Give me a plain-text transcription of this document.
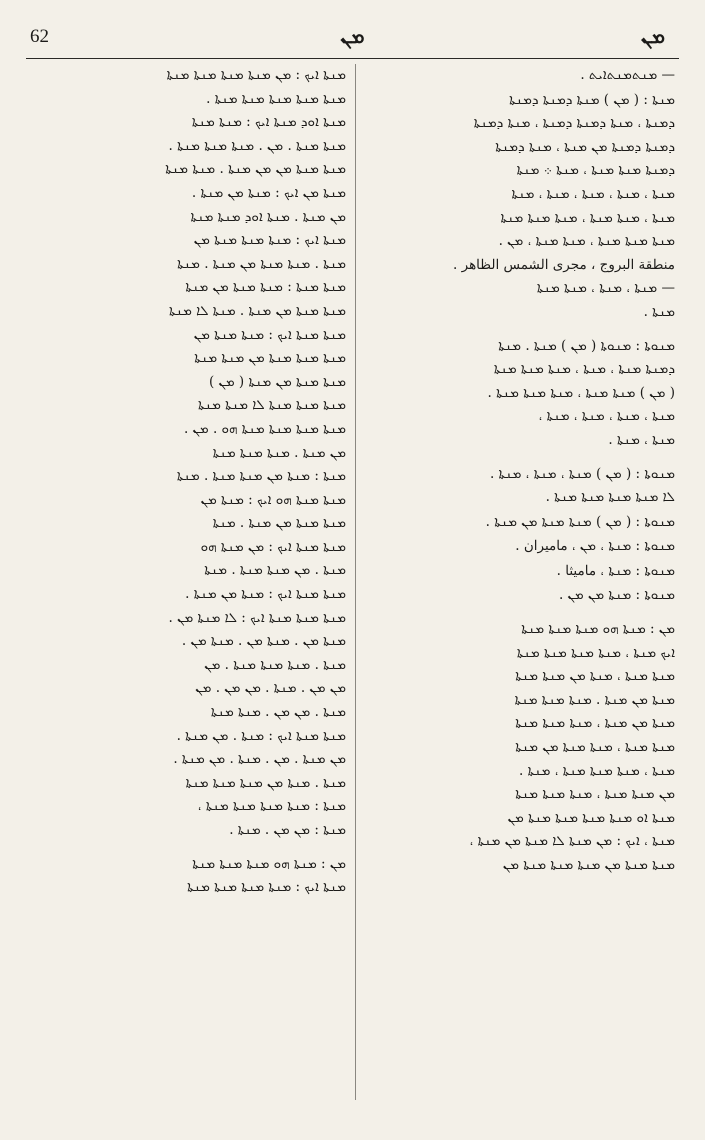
62	ܡܢ	ܡܢ
— ܡܢܬܡܢܬܐܝܬ .
ܡܢܬܐ : ( ܡܢ ) ܡܢܬܐ ܕܡܢܬܐ ܕܡܢܬܐ
ܕܡܢܬܐ ، ܡܢܬܐ ܕܡܢܬܐ ܕܡܢܬܐ ، ܡܢܬܐ ܕܡܢܬܐ
ܕܡܢܬܐ ܕܡܢܬܐ ܡܢ ܡܢܬܐ ، ܡܢܬܐ ܕܡܢܬܐ
ܕܡܢܬܐ ܡܢܬܐ ܡܢܬܐ ، ܡܢܬܐ ܀ ܡܢܬܐ
ܡܢܬܐ ، ܡܢܬܐ ، ܡܢܬܐ ، ܡܢܬܐ ، ܡܢܬܐ
ܡܢܬܐ ، ܡܢܬܐ ܡܢܬܐ ، ܡܢܬܐ ܡܢܬܐ ܡܢܬܐ
ܡܢܬܐ ܡܢܬܐ ܡܢܬܐ ، ܡܢܬܐ ܡܢܬܐ ، ܡܢ .
منطقة البروج ، مجرى الشمس الظاهر .
— ܡܢܬܐ ، ܡܢܬܐ ، ܡܢܬܐ ܡܢܬܐ
ܡܢܬܐ .
ܡܢܘܬܐ : ܡܢܘܬܐ ( ܡܢ ) ܡܢܬܐ . ܡܢܬܐ
ܕܡܢܬܐ ܡܢܬܐ ، ܡܢܬܐ ، ܡܢܬܐ ܡܢܬܐ ܡܢܬܐ
( ܡܢ ) ܡܢܬܐ ܡܢܬܐ ، ܡܢܬܐ ܡܢܬܐ ܡܢܬܐ .
ܡܢܬܐ ، ܡܢܬܐ ، ܡܢܬܐ ، ܡܢܬܐ ،
ܡܢܬܐ ، ܡܢܬܐ .
ܡܢܘܬܐ : ( ܡܢ ) ܡܢܬܐ ، ܡܢܬܐ ، ܡܢܬܐ .
ܠܐ ܡܢܬܐ ܡܢܬܐ ܡܢܬܐ ܡܢܬܐ .
ܡܢܘܬܐ : ( ܡܢ ) ܡܢܬܐ ܡܢܬܐ ܡܢ ܡܢܬܐ .
ܡܢܘܬܐ : ܡܢܬܐ ، ܡܢ ، ماميران .
ܡܢܘܬܐ : ܡܢܬܐ ، ماميثا .
ܡܢܘܬܐ : ܡܢܬܐ ܡܢ ܡܢ .
ܡܢ : ܡܢܬܐ ܗܘ ܡܢܬܐ ܡܢܬܐ ܡܢܬܐ
ܐܝܟ ܡܢܬܐ ، ܡܢܬܐ ܡܢܬܐ ܡܢܬܐ ܡܢܬܐ
ܡܢܬܐ ܡܢܬܐ ، ܡܢܬܐ ܡܢ ܡܢܬܐ ܡܢܬܐ
ܡܢܬܐ ܡܢ ܡܢܬܐ . ܡܢܬܐ ܡܢܬܐ ܡܢܬܐ
ܡܢܬܐ ܡܢ ܡܢܬܐ ، ܡܢܬܐ ܡܢܬܐ ܡܢܬܐ
ܡܢܬܐ ܡܢܬܐ ، ܡܢܬܐ ܡܢܬܐ ܡܢ ܡܢܬܐ
ܡܢܬܐ ، ܡܢܬܐ ܡܢܬܐ ܡܢܬܐ ، ܡܢܬܐ .
ܡܢ ܡܢܬܐ ܡܢܬܐ ، ܡܢܬܐ ܡܢܬܐ ܡܢܬܐ
ܡܢܬܐ ܐܘ ܡܢܬܐ ܡܢܬܐ ܡܢܬܐ ܡܢܬܐ ܡܢ
ܡܢܬܐ ، ܐܝܟ : ܡܢ ܡܢܬܐ ܠܐ ܡܢܬܐ ܡܢ ܡܢܬܐ ،
ܡܢܬܐ ܡܢܬܐ ܡܢ ܡܢܬܐ ܡܢܬܐ ܡܢܬܐ ܡܢ
ܡܢܬܐ ܐܝܟ : ܡܢ ܡܢܬܐ ܡܢܬܐ ܡܢܬܐ ܡܢܬܐ
ܡܢܬܐ ܡܢܬܐ ܡܢܬܐ ܡܢܬܐ ܡܢܬܐ .
ܡܢܬܐ ܐܘܕ ܡܢܬܐ ܐܝܟ : ܡܢܬܐ ܡܢܬܐ
ܡܢܬܐ ܡܢܬܐ . ܡܢ . ܡܢܬܐ ܡܢܬܐ ܡܢܬܐ .
ܡܢܬܐ ܡܢܬܐ ܡܢ ܡܢ ܡܢܬܐ . ܡܢܬܐ ܡܢܬܐ
ܡܢܬܐ ܡܢ ܐܝܟ : ܡܢܬܐ ܡܢ ܡܢܬܐ .
ܡܢ ܡܢܬܐ . ܡܢܬܐ ܐܘܕ ܡܢܬܐ ܡܢܬܐ
ܡܢܬܐ ܐܝܟ : ܡܢܬܐ ܡܢܬܐ ܡܢܬܐ ܡܢ
ܡܢܬܐ . ܡܢܬܐ ܡܢܬܐ ܡܢ ܡܢܬܐ . ܡܢܬܐ
ܡܢܬܐ ܡܢܬܐ : ܡܢܬܐ ܡܢܬܐ ܡܢ ܡܢܬܐ
ܡܢܬܐ ܡܢܬܐ ܡܢ ܡܢܬܐ . ܡܢܬܐ ܠܐ ܡܢܬܐ
ܡܢܬܐ ܡܢܬܐ ܐܝܟ : ܡܢܬܐ ܡܢܬܐ ܡܢ
ܡܢܬܐ ܡܢܬܐ ܡܢܬܐ ܡܢ ܡܢܬܐ ܡܢܬܐ
ܡܢܬܐ ܡܢܬܐ ܡܢ ܡܢܬܐ ( ܡܢ )
ܡܢܬܐ ܡܢܬܐ ܡܢܬܐ ܠܐ ܡܢܬܐ ܡܢܬܐ
ܡܢܬܐ ܡܢܬܐ ܡܢܬܐ ܡܢܬܐ ܗܘ . ܡܢ .
ܡܢ ܡܢܬܐ . ܡܢܬܐ ܡܢܬܐ ܡܢܬܐ
ܡܢܬܐ : ܡܢܬܐ ܡܢ ܡܢܬܐ ܡܢܬܐ . ܡܢܬܐ
ܡܢܬܐ ܡܢܬܐ ܗܘ ܐܝܟ : ܡܢܬܐ ܡܢ
ܡܢܬܐ ܡܢܬܐ ܡܢ ܡܢܬܐ . ܡܢܬܐ
ܡܢܬܐ ܡܢܬܐ ܐܝܟ : ܡܢ ܡܢܬܐ ܗܘ
ܡܢܬܐ . ܡܢ ܡܢܬܐ ܡܢܬܐ . ܡܢܬܐ
ܡܢܬܐ ܡܢܬܐ ܐܝܟ : ܡܢܬܐ ܡܢ ܡܢܬܐ .
ܡܢܬܐ ܡܢܬܐ ܡܢܬܐ ܐܝܟ : ܠܐ ܡܢܬܐ ܡܢ .
ܡܢܬܐ ܡܢ . ܡܢܬܐ ܡܢ . ܡܢܬܐ ܡܢ .
ܡܢܬܐ . ܡܢܬܐ ܡܢܬܐ ܡܢܬܐ . ܡܢ
ܡܢ ܡܢ . ܡܢܬܐ . ܡܢ ܡܢ . ܡܢ
ܡܢܬܐ . ܡܢ ܡܢ . ܡܢܬܐ ܡܢܬܐ
ܡܢܬܐ ܡܢܬܐ ܐܝܟ : ܡܢܬܐ . ܡܢ ܡܢܬܐ .
ܡܢ ܡܢܬܐ . ܡܢ . ܡܢܬܐ . ܡܢ ܡܢܬܐ .
ܡܢܬܐ . ܡܢܬܐ ܡܢ ܡܢܬܐ ܡܢܬܐ ܡܢܬܐ
ܡܢܬܐ : ܡܢܬܐ ܡܢܬܐ ܡܢܬܐ ܡܢܬܐ ،
ܡܢܬܐ : ܡܢ ܡܢ . ܡܢܬܐ .
ܡܢ : ܡܢܬܐ ܗܘ ܡܢܬܐ ܡܢܬܐ ܡܢܬܐ
ܡܢܬܐ ܐܝܟ : ܡܢܬܐ ܡܢܬܐ ܡܢܬܐ ܡܢܬܐ
